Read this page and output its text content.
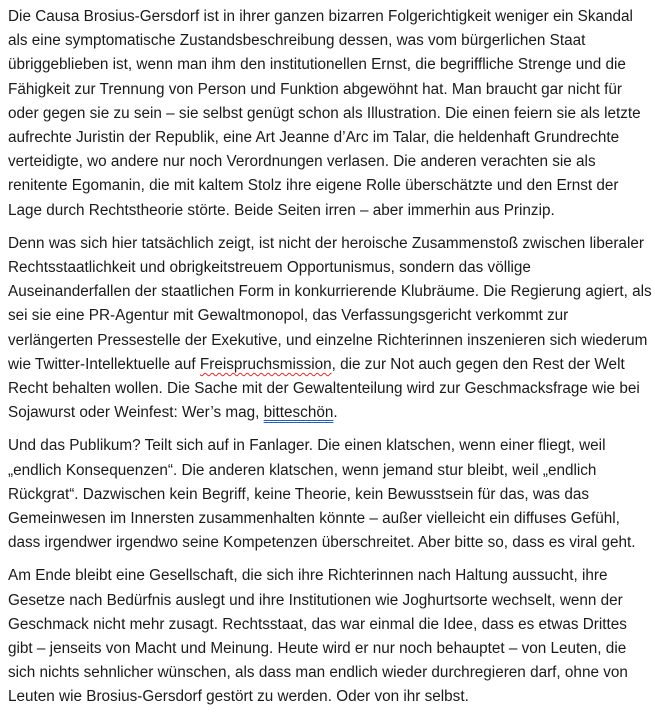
Die Causa Brosius-Gersdorf ist in ihrer ganzen bizarren Folgerichtigkeit weniger ein Skandal als eine symptomatische Zustandsbeschreibung dessen, was vom bürgerlichen Staat übriggeblieben ist, wenn man ihm den institutionellen Ernst, die begriffliche Strenge und die Fähigkeit zur Trennung von Person und Funktion abgewöhnt hat. Man braucht gar nicht für oder gegen sie zu sein – sie selbst genügt schon als Illustration. Die einen feiern sie als letzte aufrechte Juristin der Republik, eine Art Jeanne d’Arc im Talar, die heldenhaft Grundrechte verteidigte, wo andere nur noch Verordnungen verlasen. Die anderen verachten sie als renitente Egomanin, die mit kaltem Stolz ihre eigene Rolle überschätzte und den Ernst der Lage durch Rechtstheorie störte. Beide Seiten irren – aber immerhin aus Prinzip.

Denn was sich hier tatsächlich zeigt, ist nicht der heroische Zusammenstoß zwischen liberaler Rechtsstaatlichkeit und obrigkeitstreuem Opportunismus, sondern das völlige Auseinanderfallen der staatlichen Form in konkurrierende Klubräume. Die Regierung agiert, als sei sie eine PR-Agentur mit Gewaltmonopol, das Verfassungsgericht verkommt zur verlängerten Pressestelle der Exekutive, und einzelne Richterinnen inszenieren sich wiederum wie Twitter-Intellektuelle auf Freispruchsmission, die zur Not auch gegen den Rest der Welt Recht behalten wollen. Die Sache mit der Gewaltenteilung wird zur Geschmacksfrage wie bei Sojawurst oder Weinfest: Wer’s mag, bitteschön.

Und das Publikum? Teilt sich auf in Fanlager. Die einen klatschen, wenn einer fliegt, weil „endlich Konsequenzen“. Die anderen klatschen, wenn jemand stur bleibt, weil „endlich Rückgrat“. Dazwischen kein Begriff, keine Theorie, kein Bewusstsein für das, was das Gemeinwesen im Innersten zusammenhalten könnte – außer vielleicht ein diffuses Gefühl, dass irgendwer irgendwo seine Kompetenzen überschreitet. Aber bitte so, dass es viral geht.

Am Ende bleibt eine Gesellschaft, die sich ihre Richterinnen nach Haltung aussucht, ihre Gesetze nach Bedürfnis auslegt und ihre Institutionen wie Joghurtsorte wechselt, wenn der Geschmack nicht mehr zusagt. Rechtsstaat, das war einmal die Idee, dass es etwas Drittes gibt – jenseits von Macht und Meinung. Heute wird er nur noch behauptet – von Leuten, die sich nichts sehnlicher wünschen, als dass man endlich wieder durchregieren darf, ohne von Leuten wie Brosius-Gersdorf gestört zu werden. Oder von ihr selbst.
